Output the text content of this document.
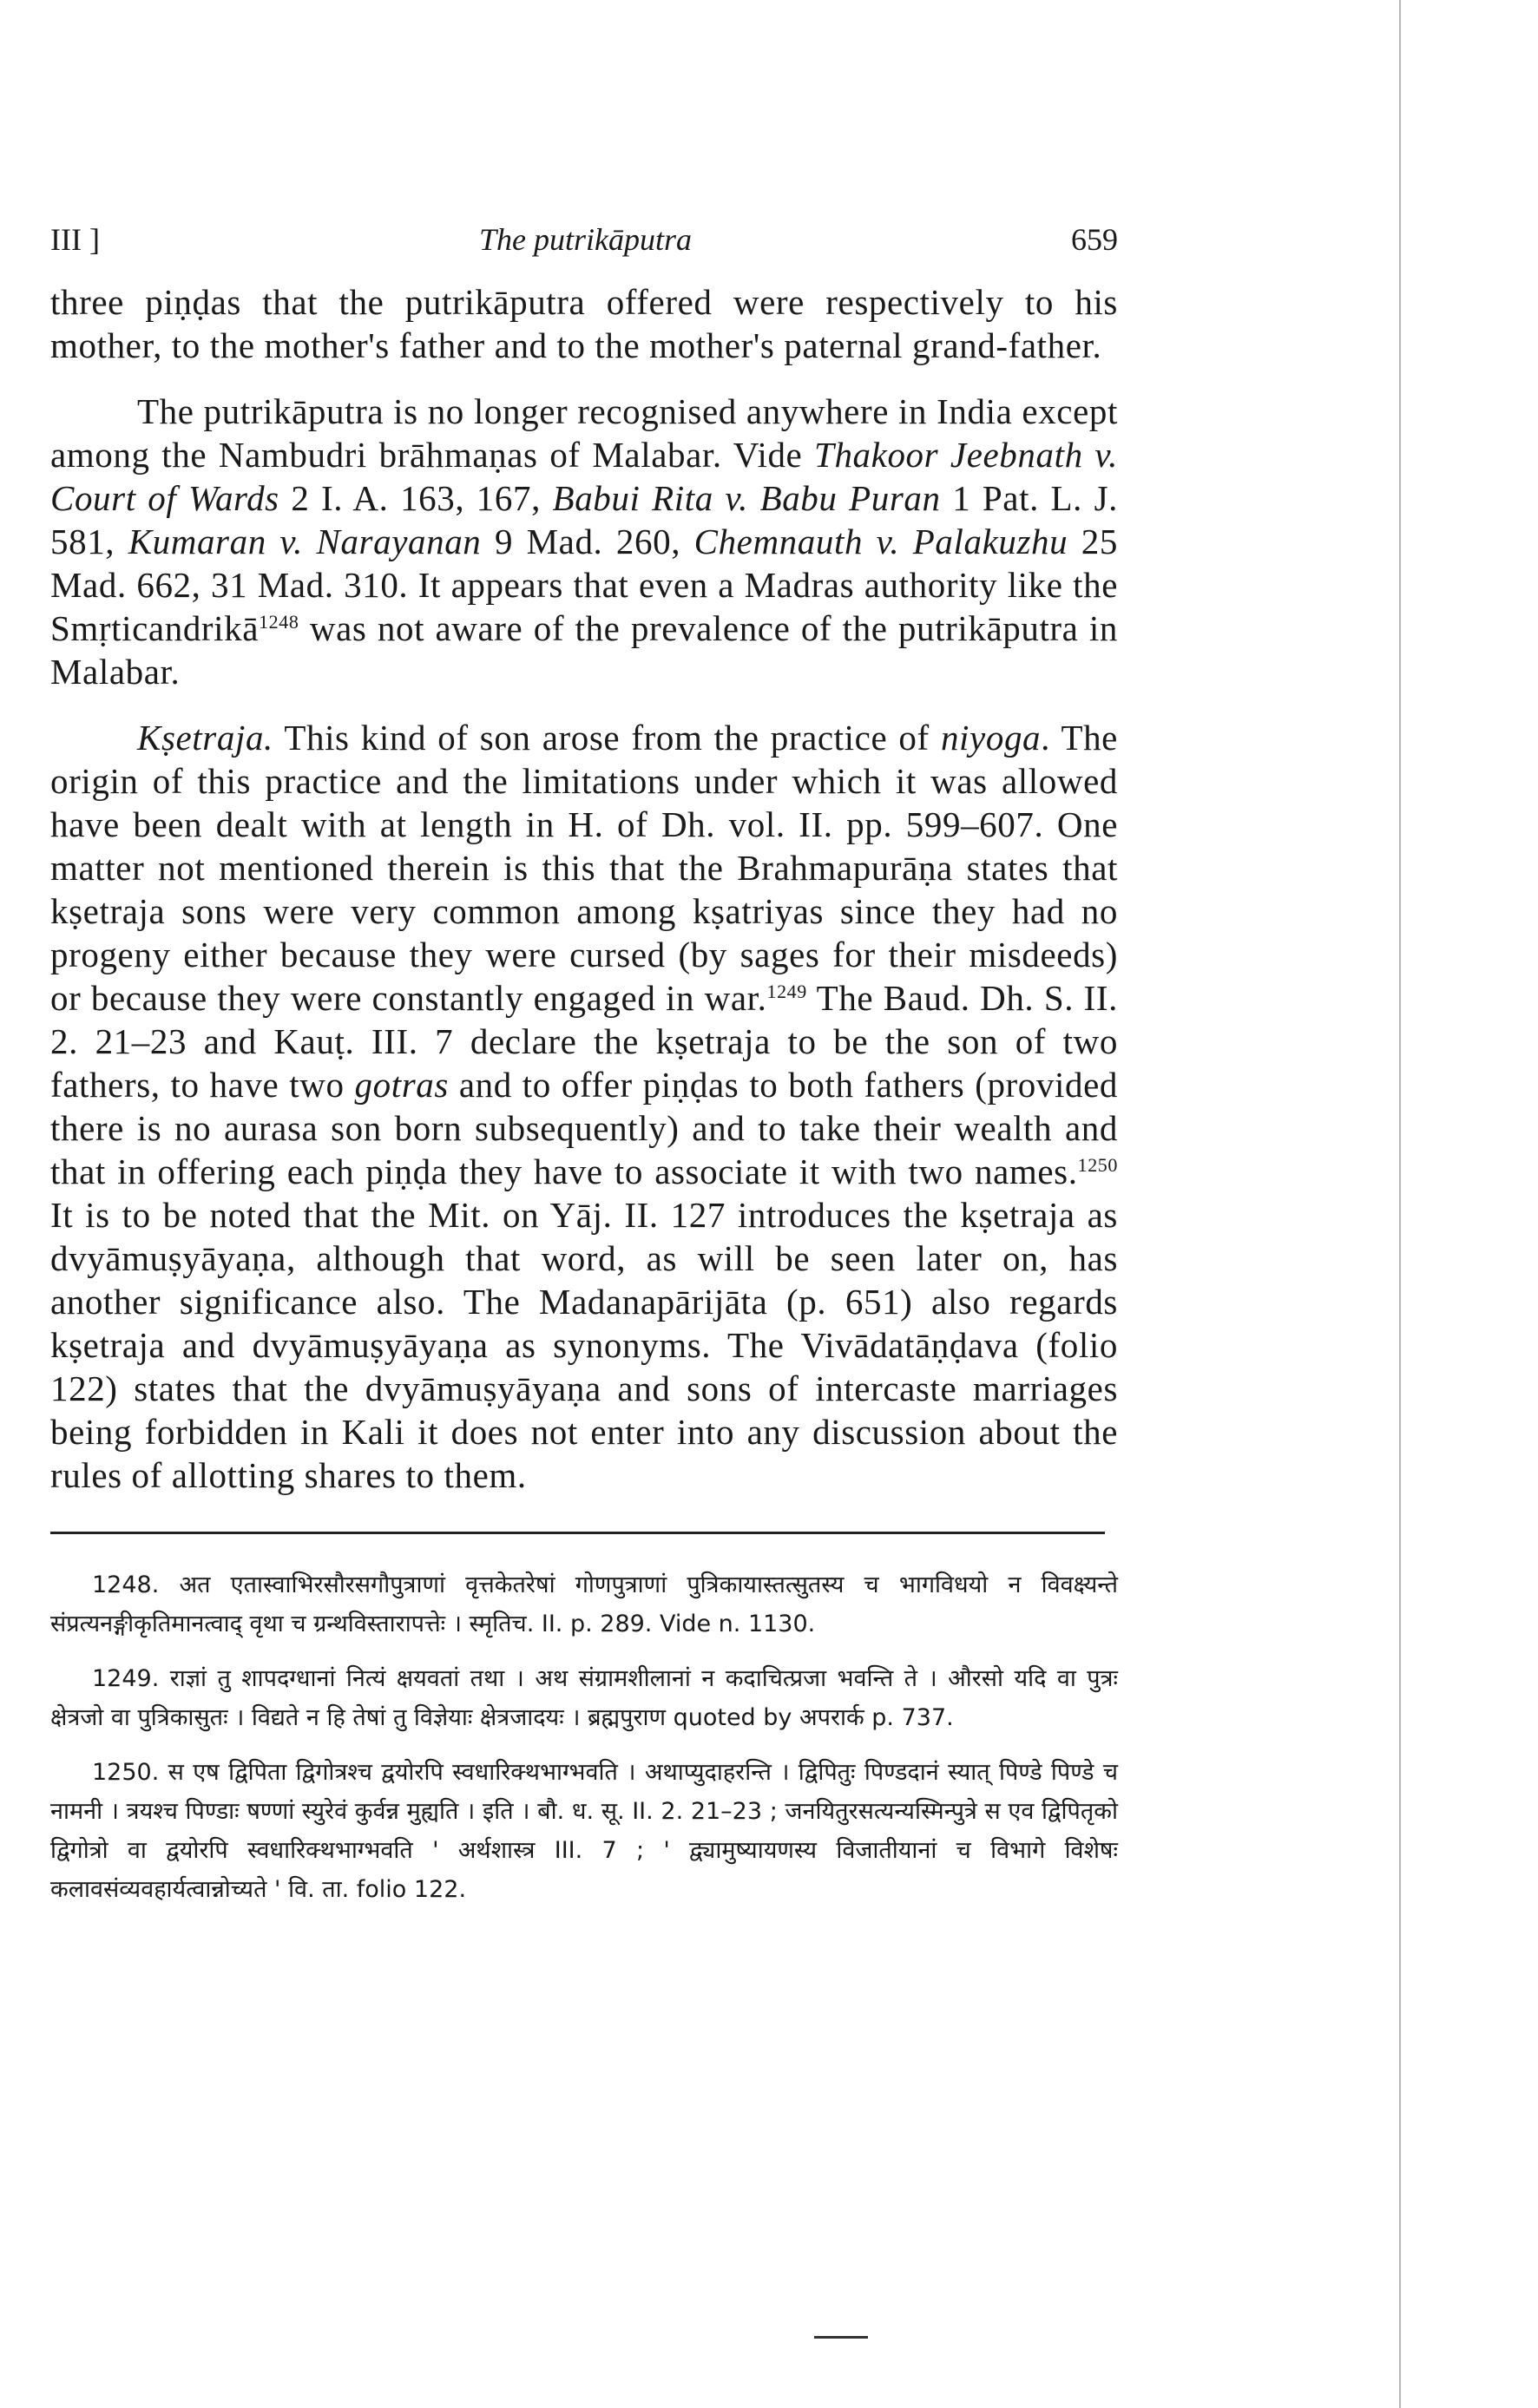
III ]	The putrikāputra	659

three piṇḍas that the putrikāputra offered were respectively to his mother, to the mother's father and to the mother's paternal grand-father.

The putrikāputra is no longer recognised anywhere in India except among the Nambudri brāhmaṇas of Malabar. Vide Thakoor Jeebnath v. Court of Wards 2 I. A. 163, 167, Babui Rita v. Babu Puran 1 Pat. L. J. 581, Kumaran v. Narayanan 9 Mad. 260, Chemnauth v. Palakuzhu 25 Mad. 662, 31 Mad. 310. It appears that even a Madras authority like the Smṛticandrikā$^{1248}$ was not aware of the prevalence of the putrikāputra in Malabar.

Kṣetraja. This kind of son arose from the practice of niyoga. The origin of this practice and the limitations under which it was allowed have been dealt with at length in H. of Dh. vol. II. pp. 599–607. One matter not mentioned therein is this that the Brahmapurāṇa states that kṣetraja sons were very common among kṣatriyas since they had no progeny either because they were cursed (by sages for their misdeeds) or because they were constantly engaged in war.$^{1249}$ The Baud. Dh. S. II. 2. 21–23 and Kauṭ. III. 7 declare the kṣetraja to be the son of two fathers, to have two gotras and to offer piṇḍas to both fathers (provided there is no aurasa son born subsequently) and to take their wealth and that in offering each piṇḍa they have to associate it with two names.$^{1250}$ It is to be noted that the Mit. on Yāj. II. 127 introduces the kṣetraja as dvyāmuṣyāyaṇa, although that word, as will be seen later on, has another significance also. The Madanapārijāta (p. 651) also regards kṣetraja and dvyāmuṣyāyaṇa as synonyms. The Vivādatāṇḍava (folio 122) states that the dvyāmuṣyāyaṇa and sons of intercaste marriages being forbidden in Kali it does not enter into any discussion about the rules of allotting shares to them.

1248. अत एतास्वाभिरसौरसगौपुत्राणां वृत्तकेतरेषां गोणपुत्राणां पुत्रिकायास्तत्सुतस्य च भागविधयो न विवक्ष्यन्ते संप्रत्यनङ्गीकृतिमानत्वाद् वृथा च ग्रन्थविस्तारापत्तेः । स्मृतिच. II. p. 289. Vide n. 1130.

1249. राज्ञां तु शापदग्धानां नित्यं क्षयवतां तथा । अथ संग्रामशीलानां न कदाचित्प्रजा भवन्ति ते । औरसो यदि वा पुत्रः क्षेत्रजो वा पुत्रिकासुतः । विद्यते न हि तेषां तु विज्ञेयाः क्षेत्रजादयः । ब्रह्मपुराण quoted by अपरार्क p. 737.

1250. स एष द्विपिता द्विगोत्रश्च द्वयोरपि स्वधारिक्थभाग्भवति । अथाप्युदाहरन्ति । द्विपितुः पिण्डदानं स्यात् पिण्डे पिण्डे च नामनी । त्रयश्च पिण्डाः षण्णां स्युरेवं कुर्वन्न मुह्यति । इति । बौ. ध. सू. II. 2. 21–23 ; जनयितुरसत्यन्यस्मिन्पुत्रे स एव द्विपितृको द्विगोत्रो वा द्वयोरपि स्वधारिक्थभाग्भवति ' अर्थशास्त्र III. 7 ; ' द्व्यामुष्यायणस्य विजातीयानां च विभागे विशेषः कलावसंव्यवहार्यत्वान्नोच्यते ' वि. ता. folio 122.
